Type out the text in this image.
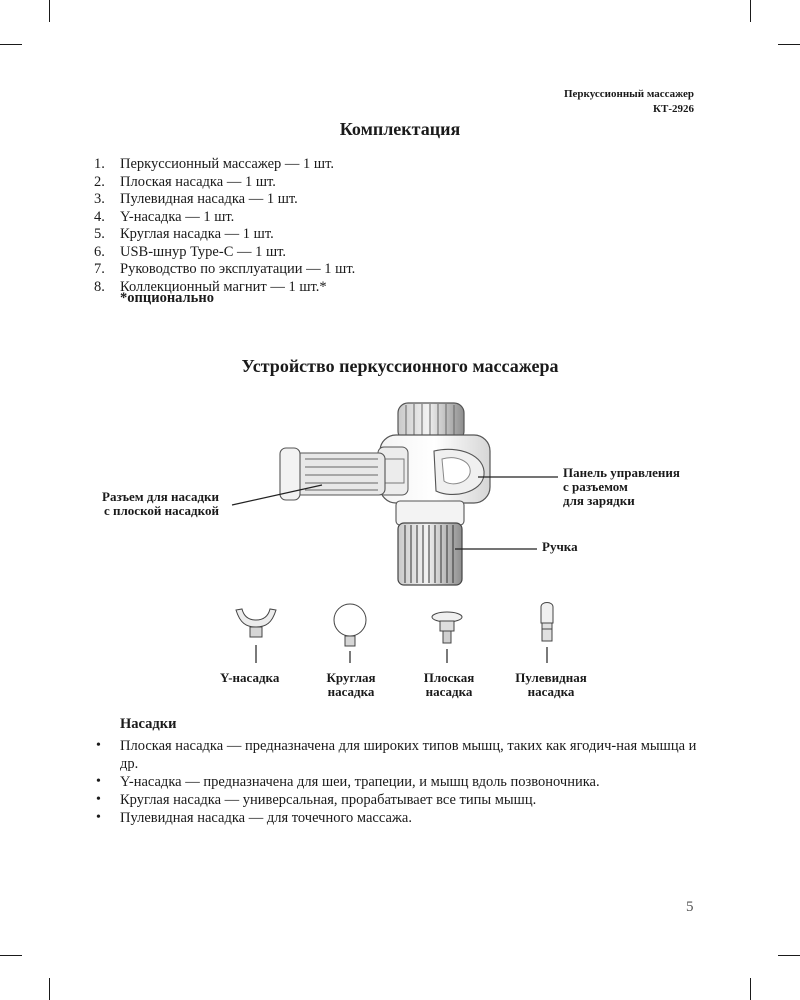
Перкуссионный массажер
КТ-2926
Комплектация
1.	Перкуссионный массажер — 1 шт.
2.	Плоская насадка — 1 шт.
3.	Пулевидная насадка — 1 шт.
4.	Y-насадка — 1 шт.
5.	Круглая насадка — 1 шт.
6.	USB-шнур Type-C — 1 шт.
7.	Руководство по эксплуатации — 1 шт.
8.	Коллекционный магнит — 1 шт.*
*опционально
Устройство перкуссионного массажера
Разъем для насадки
с плоской насадкой
Панель управления
с разъемом
для зарядки
Ручка
Y-насадка	Круглая
насадка
Плоская
насадка
Пулевидная
насадка
Насадки
•	Плоская насадка — предназначена для широких типов мышц, таких как ягодич-ная мышца и др.
•	Y-насадка — предназначена для шеи, трапеции, и мышц вдоль позвоночника.
•	Круглая насадка — универсальная, прорабатывает все типы мышц.
•	Пулевидная насадка — для точечного массажа.
5
